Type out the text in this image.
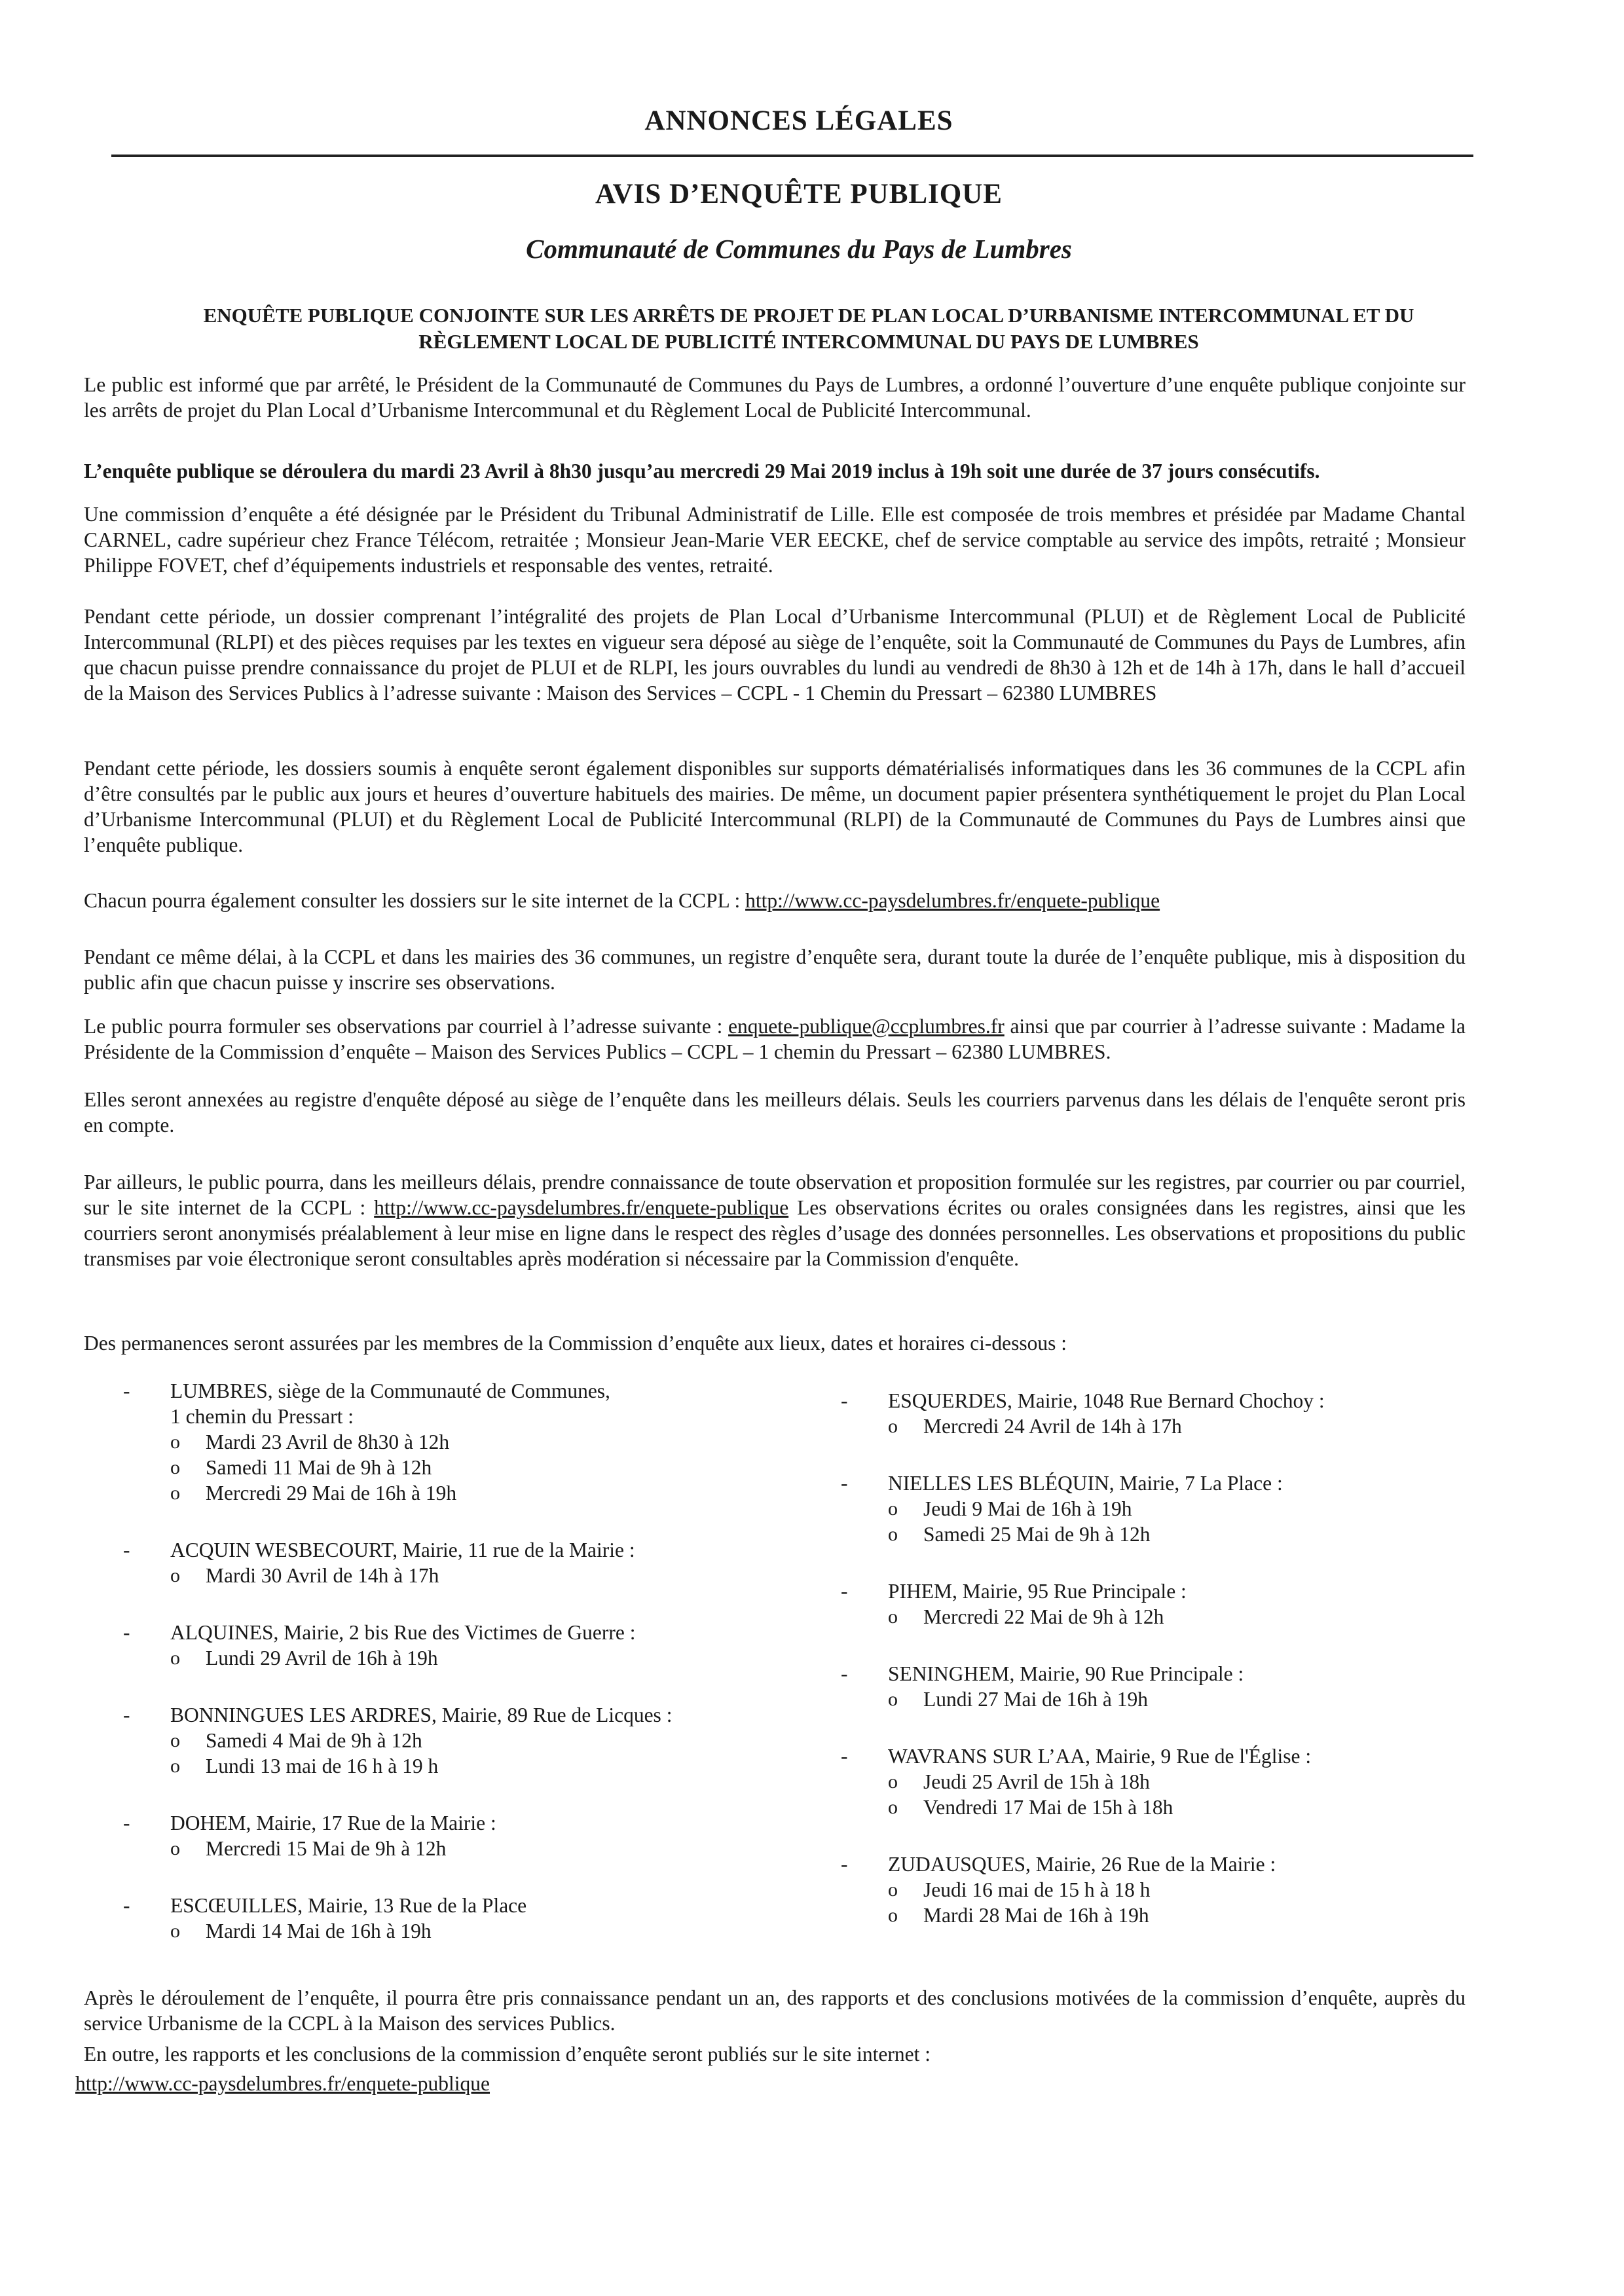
ANNONCES LÉGALES
AVIS D’ENQUÊTE PUBLIQUE
Communauté de Communes du Pays de Lumbres
ENQUÊTE PUBLIQUE CONJOINTE SUR LES ARRÊTS DE PROJET DE PLAN LOCAL D’URBANISME INTERCOMMUNAL ET DU
RÈGLEMENT LOCAL DE PUBLICITÉ INTERCOMMUNAL DU PAYS DE LUMBRES
Le public est informé que par arrêté, le Président de la Communauté de Communes du Pays de Lumbres, a ordonné l’ouverture d’une enquête publique conjointe sur les arrêts de projet du Plan Local d’Urbanisme Intercommunal et du Règlement Local de Publicité Intercommunal.
L’enquête publique se déroulera du mardi 23 Avril à 8h30 jusqu’au mercredi 29 Mai 2019 inclus à 19h soit une durée de 37 jours consécutifs.
Une commission d’enquête a été désignée par le Président du Tribunal Administratif de Lille. Elle est composée de trois membres et présidée par Madame Chantal CARNEL, cadre supérieur chez France Télécom, retraitée ; Monsieur Jean-Marie VER EECKE, chef de service comptable au service des impôts, retraité ; Monsieur Philippe FOVET, chef d’équipements industriels et responsable des ventes, retraité.
Pendant cette période, un dossier comprenant l’intégralité des projets de Plan Local d’Urbanisme Intercommunal (PLUI) et de Règlement Local de Publicité Intercommunal (RLPI) et des pièces requises par les textes en vigueur sera déposé au siège de l’enquête, soit la Communauté de Communes du Pays de Lumbres, afin que chacun puisse prendre connaissance du projet de PLUI et de RLPI, les jours ouvrables du lundi au vendredi de 8h30 à 12h et de 14h à 17h, dans le hall d’accueil de la Maison des Services Publics à l’adresse suivante : Maison des Services – CCPL - 1 Chemin du Pressart – 62380 LUMBRES
Pendant cette période, les dossiers soumis à enquête seront également disponibles sur supports dématérialisés informatiques dans les 36 communes de la CCPL afin d’être consultés par le public aux jours et heures d’ouverture habituels des mairies. De même, un document papier présentera synthétiquement le projet du Plan Local d’Urbanisme Intercommunal (PLUI) et du Règlement Local de Publicité Intercommunal (RLPI) de la Communauté de Communes du Pays de Lumbres ainsi que l’enquête publique.
Chacun pourra également consulter les dossiers sur le site internet de la CCPL : http://www.cc-paysdelumbres.fr/enquete-publique
Pendant ce même délai, à la CCPL et dans les mairies des 36 communes, un registre d’enquête sera, durant toute la durée de l’enquête publique, mis à disposition du public afin que chacun puisse y inscrire ses observations.
Le public pourra formuler ses observations par courriel à l’adresse suivante : enquete-publique@ccplumbres.fr ainsi que par courrier à l’adresse suivante : Madame la Présidente de la Commission d’enquête – Maison des Services Publics – CCPL – 1 chemin du Pressart – 62380 LUMBRES.
Elles seront annexées au registre d'enquête déposé au siège de l’enquête dans les meilleurs délais. Seuls les courriers parvenus dans les délais de l'enquête seront pris en compte.
Par ailleurs, le public pourra, dans les meilleurs délais, prendre connaissance de toute observation et proposition formulée sur les registres, par courrier ou par courriel, sur le site internet de la CCPL : http://www.cc-paysdelumbres.fr/enquete-publique Les observations écrites ou orales consignées dans les registres, ainsi que les courriers seront anonymisés préalablement à leur mise en ligne dans le respect des règles d’usage des données personnelles. Les observations et propositions du public transmises par voie électronique seront consultables après modération si nécessaire par la Commission d'enquête.
Des permanences seront assurées par les membres de la Commission d’enquête aux lieux, dates et horaires ci-dessous :
- LUMBRES, siège de la Communauté de Communes,
1 chemin du Pressart :
o Mardi 23 Avril de 8h30 à 12h
o Samedi 11 Mai de 9h à 12h
o Mercredi 29 Mai de 16h à 19h
- ACQUIN WESBECOURT, Mairie, 11 rue de la Mairie :
o Mardi 30 Avril de 14h à 17h
- ALQUINES, Mairie, 2 bis Rue des Victimes de Guerre :
o Lundi 29 Avril de 16h à 19h
- BONNINGUES LES ARDRES, Mairie, 89 Rue de Licques :
o Samedi 4 Mai de 9h à 12h
o Lundi 13 mai de 16 h à 19 h
- DOHEM, Mairie, 17 Rue de la Mairie :
o Mercredi 15 Mai de 9h à 12h
- ESCŒUILLES, Mairie, 13 Rue de la Place
o Mardi 14 Mai de 16h à 19h
- ESQUERDES, Mairie, 1048 Rue Bernard Chochoy :
o Mercredi 24 Avril de 14h à 17h
- NIELLES LES BLÉQUIN, Mairie, 7 La Place :
o Jeudi 9 Mai de 16h à 19h
o Samedi 25 Mai de 9h à 12h
- PIHEM, Mairie, 95 Rue Principale :
o Mercredi 22 Mai de 9h à 12h
- SENINGHEM, Mairie, 90 Rue Principale :
o Lundi 27 Mai de 16h à 19h
- WAVRANS SUR L’AA, Mairie, 9 Rue de l'Église :
o Jeudi 25 Avril de 15h à 18h
o Vendredi 17 Mai de 15h à 18h
- ZUDAUSQUES, Mairie, 26 Rue de la Mairie :
o Jeudi 16 mai de 15 h à 18 h
o Mardi 28 Mai de 16h à 19h
Après le déroulement de l’enquête, il pourra être pris connaissance pendant un an, des rapports et des conclusions motivées de la commission d’enquête, auprès du service Urbanisme de la CCPL à la Maison des services Publics.
En outre, les rapports et les conclusions de la commission d’enquête seront publiés sur le site internet :
http://www.cc-paysdelumbres.fr/enquete-publique
